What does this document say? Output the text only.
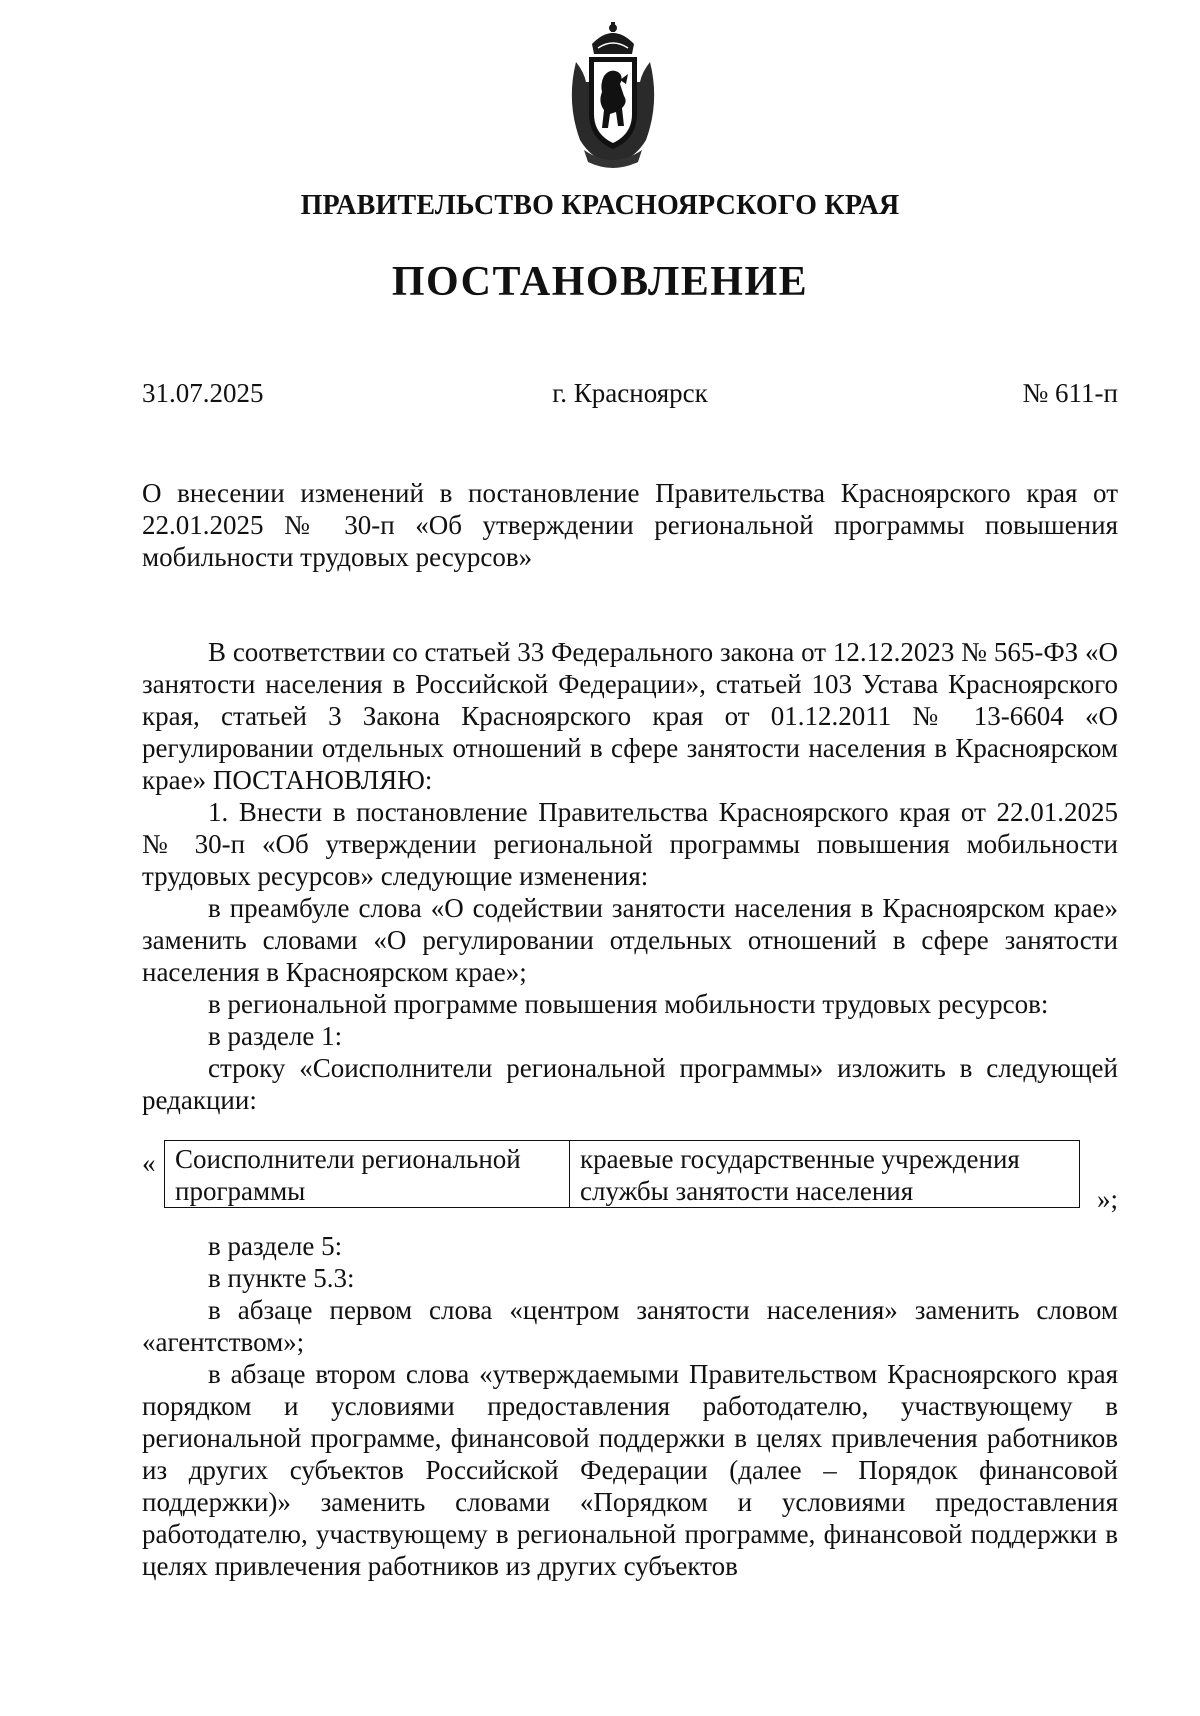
ПРАВИТЕЛЬСТВО КРАСНОЯРСКОГО КРАЯ
ПОСТАНОВЛЕНИЕ
31.07.2025	г. Красноярск	№ 611-п

О внесении изменений в постановление Правительства Красноярского края от 22.01.2025 № 30-п «Об утверждении региональной программы повышения мобильности трудовых ресурсов»

В соответствии со статьей 33 Федерального закона от 12.12.2023 № 565-ФЗ «О занятости населения в Российской Федерации», статьей 103 Устава Красноярского края, статьей 3 Закона Красноярского края от 01.12.2011 № 13-6604 «О регулировании отдельных отношений в сфере занятости населения в Красноярском крае» ПОСТАНОВЛЯЮ:

1. Внести в постановление Правительства Красноярского края от 22.01.2025 № 30-п «Об утверждении региональной программы повышения мобильности трудовых ресурсов» следующие изменения:

в преамбуле слова «О содействии занятости населения в Красноярском крае» заменить словами «О регулировании отдельных отношений в сфере занятости населения в Красноярском крае»;

в региональной программе повышения мобильности трудовых ресурсов:

в разделе 1:

строку «Соисполнители региональной программы» изложить в следующей редакции:

« Соисполнители региональной программы	краевые государственные учреждения службы занятости населения	»;

в разделе 5:

в пункте 5.3:

в абзаце первом слова «центром занятости населения» заменить словом «агентством»;

в абзаце втором слова «утверждаемыми Правительством Красноярского края порядком и условиями предоставления работодателю, участвующему в региональной программе, финансовой поддержки в целях привлечения работников из других субъектов Российской Федерации (далее – Порядок финансовой поддержки)» заменить словами «Порядком и условиями предоставления работодателю, участвующему в региональной программе, финансовой поддержки в целях привлечения работников из других субъектов
